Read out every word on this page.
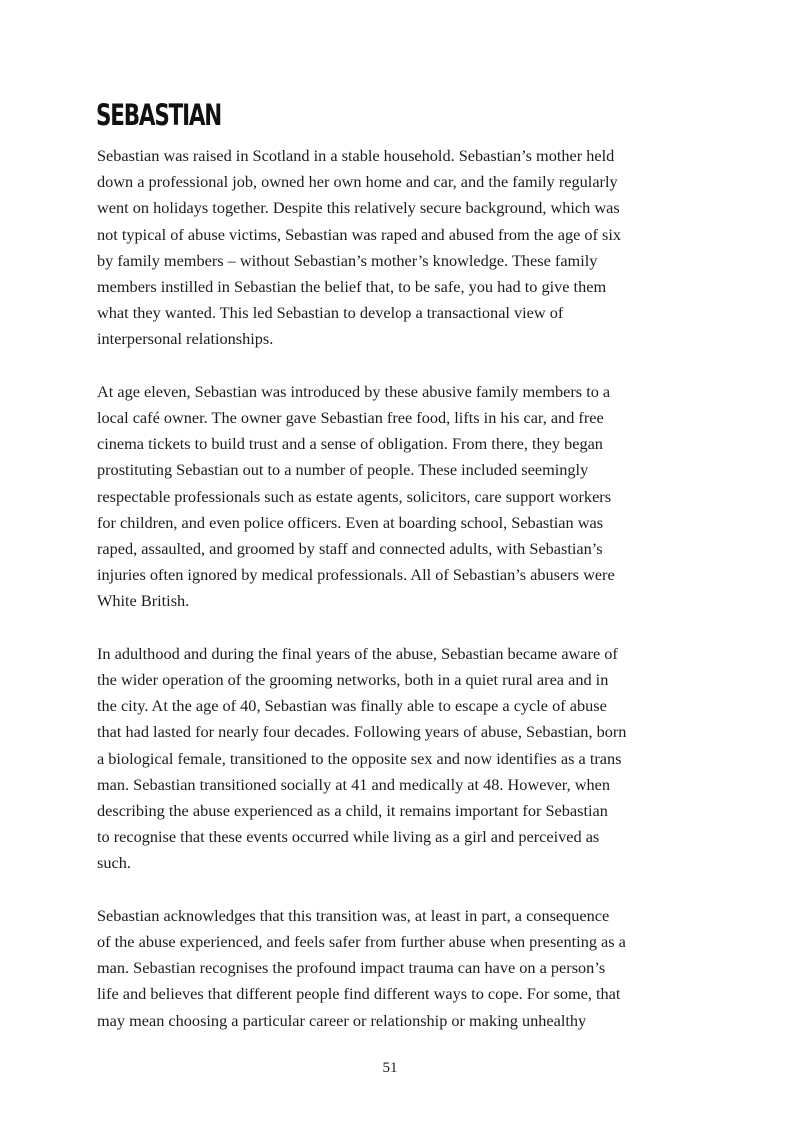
SEBASTIAN

Sebastian was raised in Scotland in a stable household. Sebastian’s mother held
down a professional job, owned her own home and car, and the family regularly
went on holidays together. Despite this relatively secure background, which was
not typical of abuse victims, Sebastian was raped and abused from the age of six
by family members – without Sebastian’s mother’s knowledge. These family
members instilled in Sebastian the belief that, to be safe, you had to give them
what they wanted. This led Sebastian to develop a transactional view of
interpersonal relationships.

At age eleven, Sebastian was introduced by these abusive family members to a
local café owner. The owner gave Sebastian free food, lifts in his car, and free
cinema tickets to build trust and a sense of obligation. From there, they began
prostituting Sebastian out to a number of people. These included seemingly
respectable professionals such as estate agents, solicitors, care support workers
for children, and even police officers. Even at boarding school, Sebastian was
raped, assaulted, and groomed by staff and connected adults, with Sebastian’s
injuries often ignored by medical professionals. All of Sebastian’s abusers were
White British.

In adulthood and during the final years of the abuse, Sebastian became aware of
the wider operation of the grooming networks, both in a quiet rural area and in
the city. At the age of 40, Sebastian was finally able to escape a cycle of abuse
that had lasted for nearly four decades. Following years of abuse, Sebastian, born
a biological female, transitioned to the opposite sex and now identifies as a trans
man. Sebastian transitioned socially at 41 and medically at 48. However, when
describing the abuse experienced as a child, it remains important for Sebastian
to recognise that these events occurred while living as a girl and perceived as
such.

Sebastian acknowledges that this transition was, at least in part, a consequence
of the abuse experienced, and feels safer from further abuse when presenting as a
man. Sebastian recognises the profound impact trauma can have on a person’s
life and believes that different people find different ways to cope. For some, that
may mean choosing a particular career or relationship or making unhealthy

51
